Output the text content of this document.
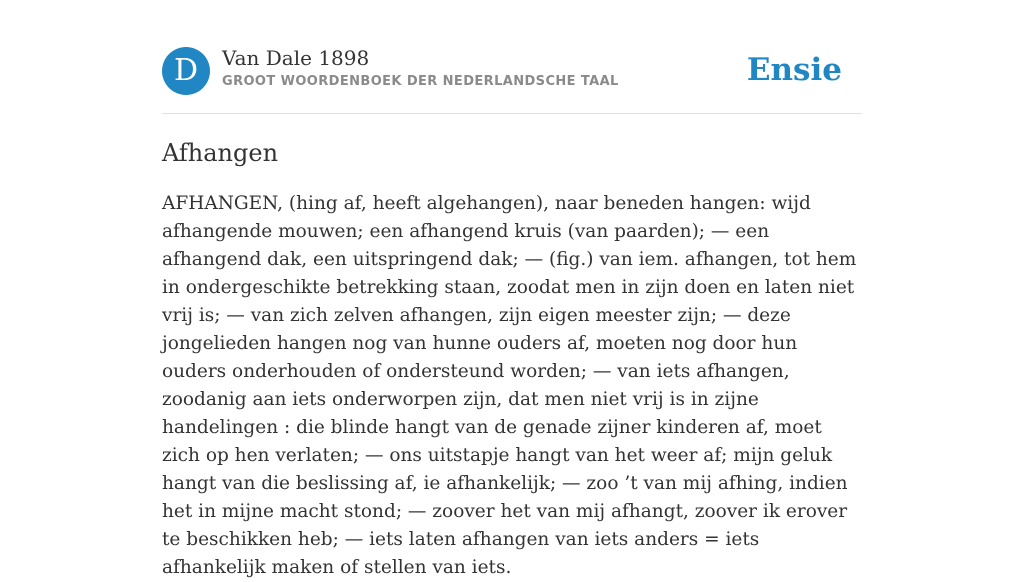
D	Van Dale 1898
GROOT WOORDENBOEK DER NEDERLANDSCHE TAAL	Ensie
Afhangen

AFHANGEN, (hing af, heeft algehangen), naar beneden hangen: wijd afhangende mouwen; een afhangend kruis (van paarden); — een afhangend dak, een uitspringend dak; — (fig.) van iem. afhangen, tot hem in ondergeschikte betrekking staan, zoodat men in zijn doen en laten niet vrij is; — van zich zelven afhangen, zijn eigen meester zijn; — deze jongelieden hangen nog van hunne ouders af, moeten nog door hun ouders onderhouden of ondersteund worden; — van iets afhangen, zoodanig aan iets onderworpen zijn, dat men niet vrij is in zijne handelingen : die blinde hangt van de genade zijner kinderen af, moet zich op hen verlaten; — ons uitstapje hangt van het weer af; mijn geluk hangt van die beslissing af, ie afhankelijk; — zoo ’t van mij afhing, indien het in mijne macht stond; — zoover het van mij afhangt, zoover ik erover te beschikken heb; — iets laten afhangen van iets anders = iets afhankelijk maken of stellen van iets.
